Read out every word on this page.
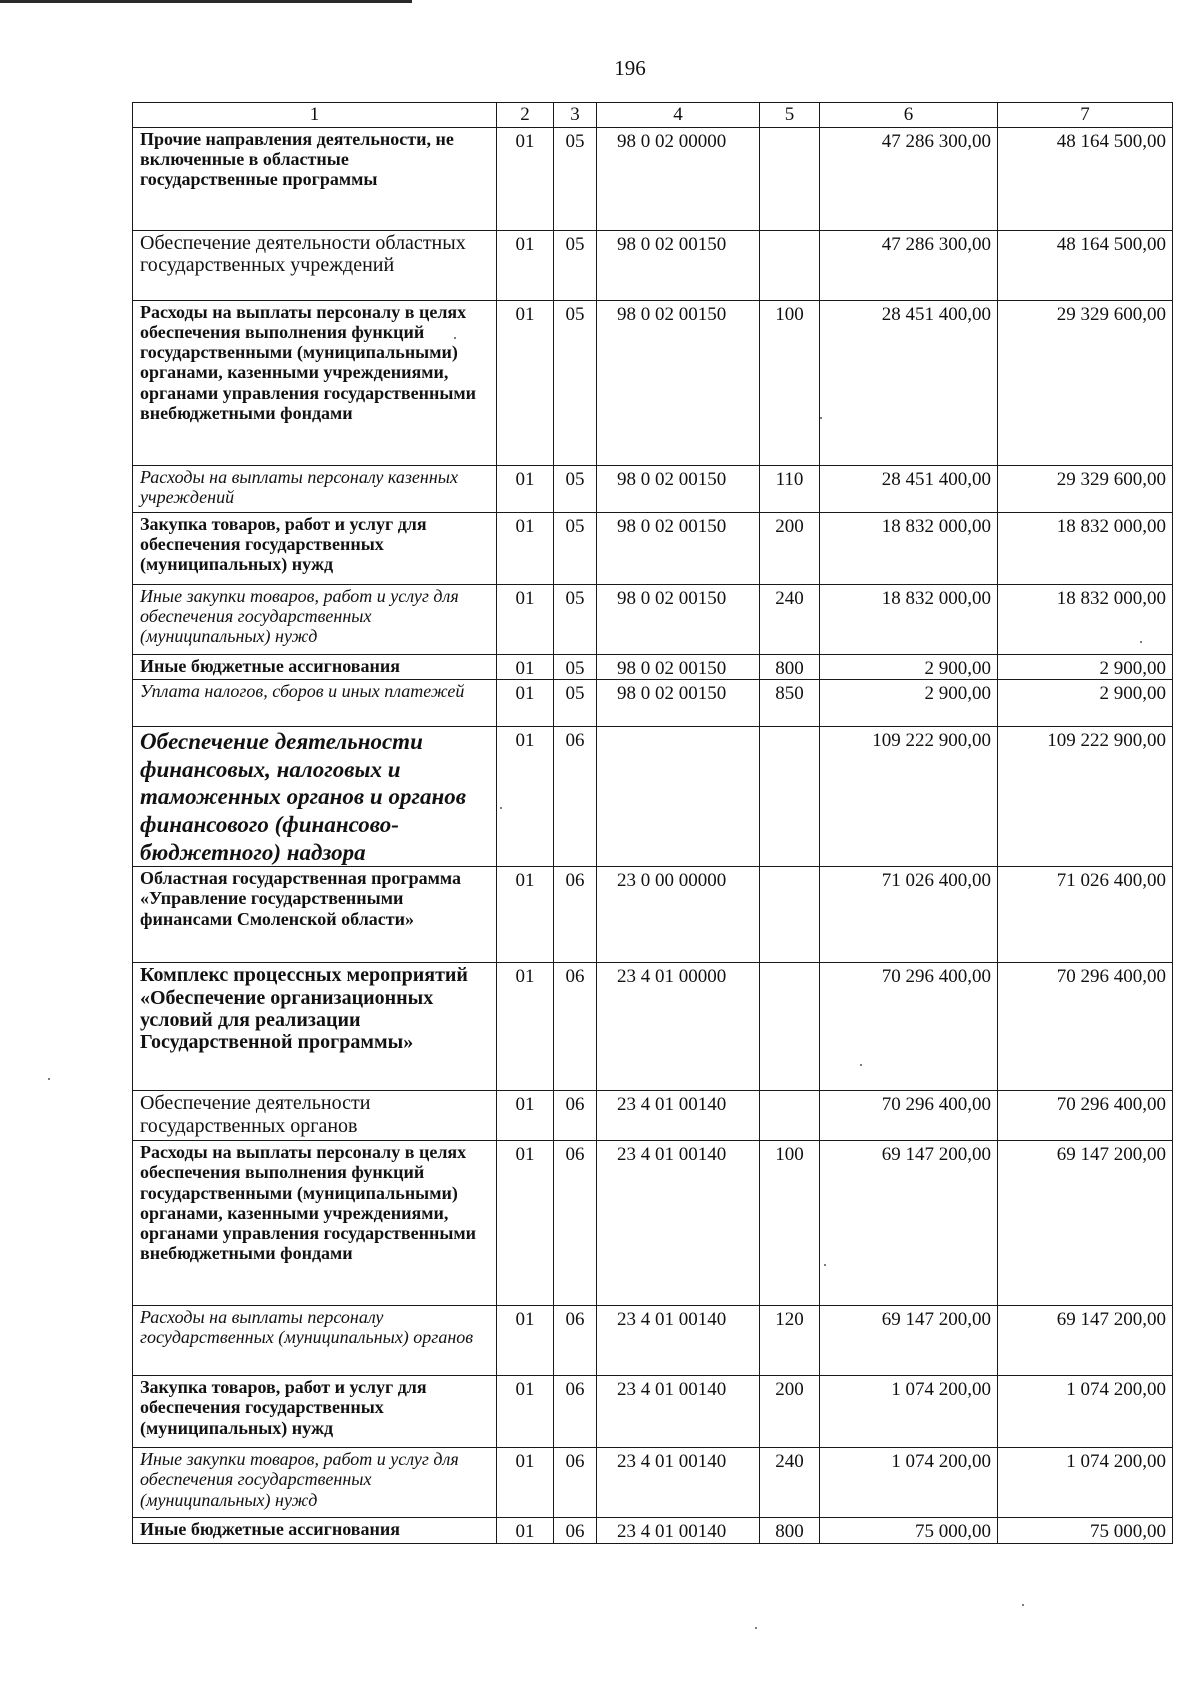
196
1	2	3	4	5	6	7
Прочие направления деятельности, не включенные в областные государственные программы	01	05	98 0 02 00000		47 286 300,00	48 164 500,00
Обеспечение деятельности областных государственных учреждений	01	05	98 0 02 00150		47 286 300,00	48 164 500,00
Расходы на выплаты персоналу в целях обеспечения выполнения функций государственными (муниципальными) органами, казенными учреждениями, органами управления государственными внебюджетными фондами	01	05	98 0 02 00150	100	28 451 400,00	29 329 600,00
Расходы на выплаты персоналу казенных учреждений	01	05	98 0 02 00150	110	28 451 400,00	29 329 600,00
Закупка товаров, работ и услуг для обеспечения государственных (муниципальных) нужд	01	05	98 0 02 00150	200	18 832 000,00	18 832 000,00
Иные закупки товаров, работ и услуг для обеспечения государственных (муниципальных) нужд	01	05	98 0 02 00150	240	18 832 000,00	18 832 000,00
Иные бюджетные ассигнования	01	05	98 0 02 00150	800	2 900,00	2 900,00
Уплата налогов, сборов и иных платежей	01	05	98 0 02 00150	850	2 900,00	2 900,00
Обеспечение деятельности финансовых, налоговых и таможенных органов и органов финансового (финансово-бюджетного) надзора	01	06			109 222 900,00	109 222 900,00
Областная государственная программа «Управление государственными финансами Смоленской области»	01	06	23 0 00 00000		71 026 400,00	71 026 400,00
Комплекс процессных мероприятий «Обеспечение организационных условий для реализации Государственной программы»	01	06	23 4 01 00000		70 296 400,00	70 296 400,00
Обеспечение деятельности государственных органов	01	06	23 4 01 00140		70 296 400,00	70 296 400,00
Расходы на выплаты персоналу в целях обеспечения выполнения функций государственными (муниципальными) органами, казенными учреждениями, органами управления государственными внебюджетными фондами	01	06	23 4 01 00140	100	69 147 200,00	69 147 200,00
Расходы на выплаты персоналу государственных (муниципальных) органов	01	06	23 4 01 00140	120	69 147 200,00	69 147 200,00
Закупка товаров, работ и услуг для обеспечения государственных (муниципальных) нужд	01	06	23 4 01 00140	200	1 074 200,00	1 074 200,00
Иные закупки товаров, работ и услуг для обеспечения государственных (муниципальных) нужд	01	06	23 4 01 00140	240	1 074 200,00	1 074 200,00
Иные бюджетные ассигнования	01	06	23 4 01 00140	800	75 000,00	75 000,00
